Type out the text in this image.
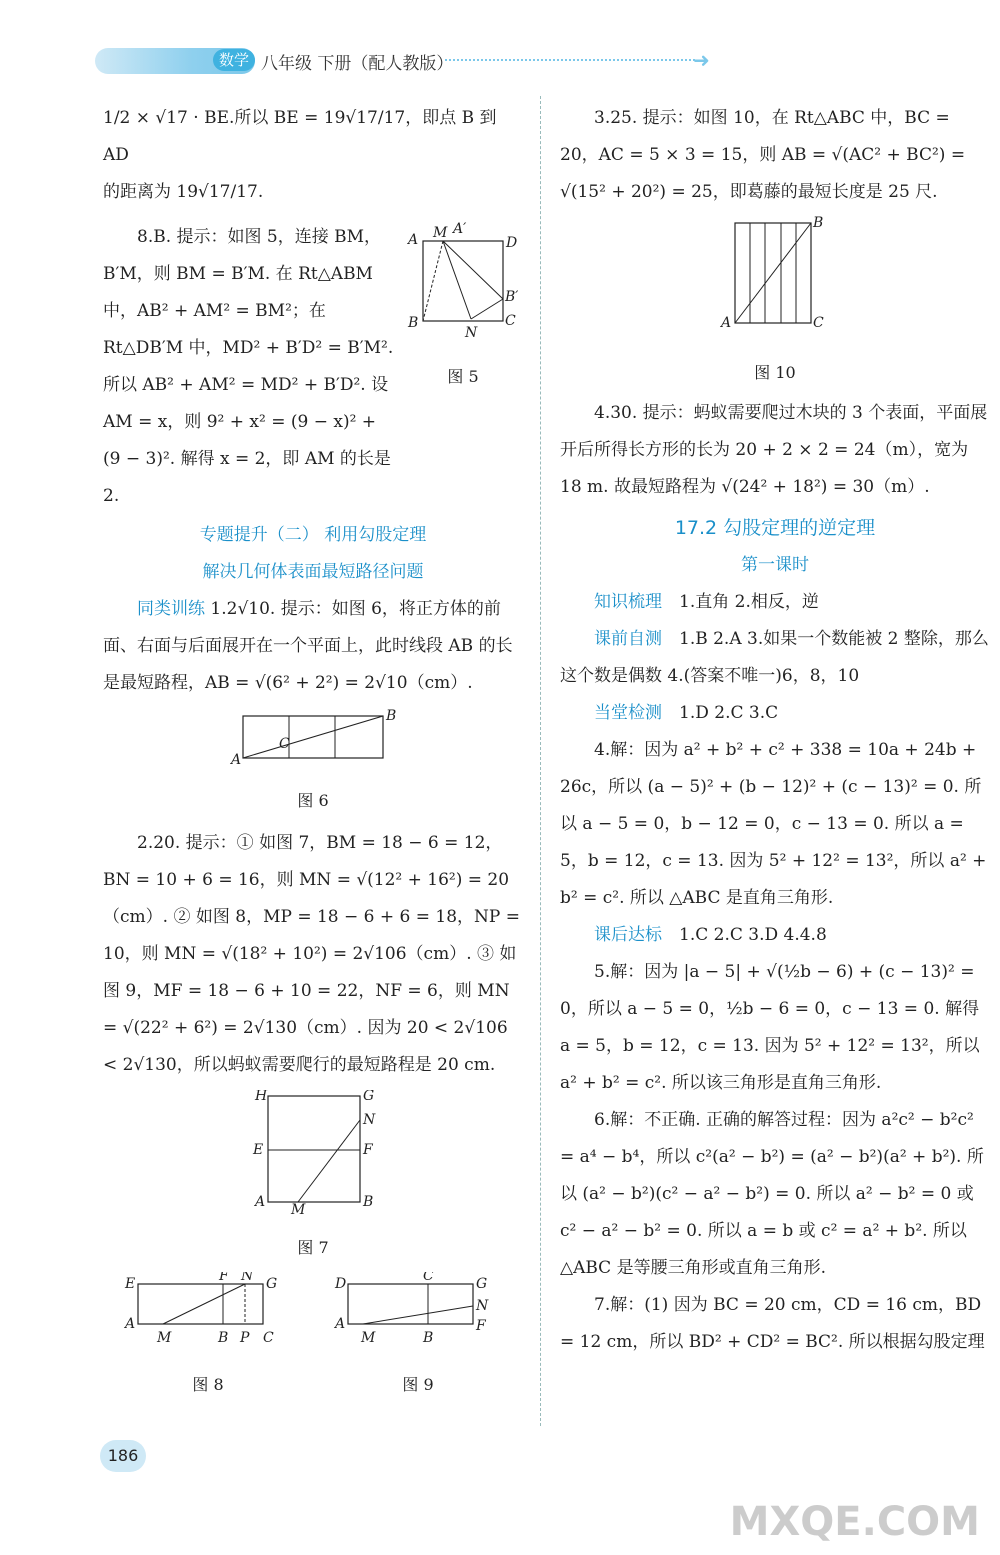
数学 八年级 下册（配人教版）	➜

1/2 × √17 · BE.所以 BE = 19√17/17，即点 B 到 AD

的距离为 19√17/17.

8.B. 提示：如图 5，连接 BM，B′M，则 BM = B′M. 在 Rt△ABM 中，AB² + AM² = BM²；在 Rt△DB′M 中，MD² + B′D² = B′M². 所以 AB² + AM² = MD² + B′D². 设 AM = x，则 9² + x² = (9 − x)² + (9 − 3)². 解得 x = 2，即 AM 的长是 2.

A M A′
D
B′
C
B
N
图 5

专题提升（二） 利用勾股定理

解决几何体表面最短路径问题

同类训练 1.2√10. 提示：如图 6，将正方体的前面、右面与后面展开在一个平面上，此时线段 AB 的长是最短路程，AB = √(6² + 2²) = 2√10（cm）.

A
B
C
图 6

2.20. 提示：① 如图 7，BM = 18 − 6 = 12，BN = 10 + 6 = 16，则 MN = √(12² + 16²) = 20（cm）. ② 如图 8，MP = 18 − 6 + 6 = 18，NP = 10，则 MN = √(18² + 10²) = 2√106（cm）. ③ 如图 9，MF = 18 − 6 + 10 = 22，NF = 6，则 MN = √(22² + 6²) = 2√130（cm）. 因为 20 < 2√106 < 2√130，所以蚂蚁需要爬行的最短路程是 20 cm.

H	G
N
E	F
A M	B
图 7
E	F N G
A
M	B P C
图 8
D	C	G
N
F
A
M	B
图 9

3.25. 提示：如图 10，在 Rt△ABC 中，BC = 20，AC = 5 × 3 = 15，则 AB = √(AC² + BC²) = √(15² + 20²) = 25，即葛藤的最短长度是 25 尺.

B
A	C
图 10

4.30. 提示：蚂蚁需要爬过木块的 3 个表面，平面展开后所得长方形的长为 20 + 2 × 2 = 24（m），宽为 18 m. 故最短路程为 √(24² + 18²) = 30（m）.

17.2 勾股定理的逆定理

第一课时

知识梳理　 1.直角 2.相反，逆

课前自测　 1.B 2.A 3.如果一个数能被 2 整除，那么这个数是偶数 4.(答案不唯一)6，8，10

当堂检测　 1.D 2.C 3.C

4.解：因为 a² + b² + c² + 338 = 10a + 24b + 26c，所以 (a − 5)² + (b − 12)² + (c − 13)² = 0. 所以 a − 5 = 0，b − 12 = 0，c − 13 = 0. 所以 a = 5，b = 12，c = 13. 因为 5² + 12² = 13²，所以 a² + b² = c². 所以 △ABC 是直角三角形.

课后达标　 1.C 2.C 3.D 4.4.8

5.解：因为 |a − 5| + √(½b − 6) + (c − 13)² = 0，所以 a − 5 = 0，½b − 6 = 0，c − 13 = 0. 解得 a = 5，b = 12，c = 13. 因为 5² + 12² = 13²，所以 a² + b² = c². 所以该三角形是直角三角形.

6.解：不正确. 正确的解答过程：因为 a²c² − b²c² = a⁴ − b⁴，所以 c²(a² − b²) = (a² − b²)(a² + b²). 所以 (a² − b²)(c² − a² − b²) = 0. 所以 a² − b² = 0 或 c² − a² − b² = 0. 所以 a = b 或 c² = a² + b². 所以 △ABC 是等腰三角形或直角三角形.

7.解：(1) 因为 BC = 20 cm，CD = 16 cm，BD = 12 cm，所以 BD² + CD² = BC². 所以根据勾股定理

186
MXQE.COM
